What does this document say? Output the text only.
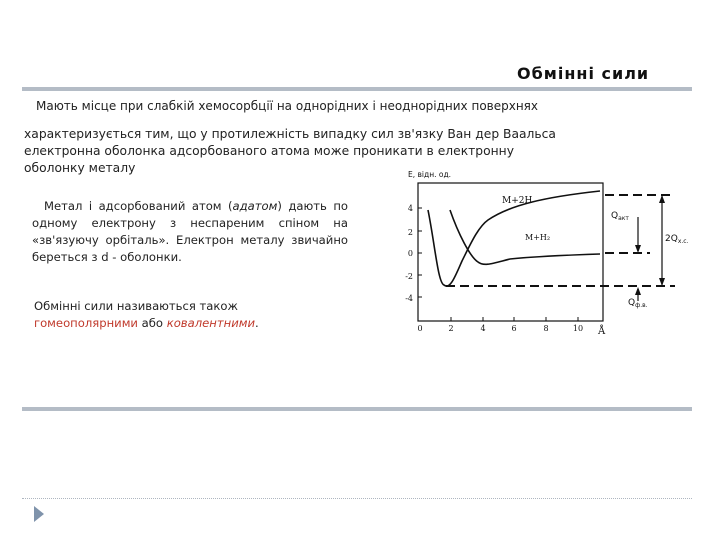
Обмінні сили
Мають місце при слабкій хемосорбції на однорідних і неоднорідних поверхнях
характеризується тим, що у протилежність випадку сил зв'язку Ван дер Ваальса електронна оболонка адсорбованого атома може проникати в електронну оболонку металу
Метал і адсорбований атом (адатом) дають по одному електрону з неспареним спіном на «зв'язуючу орбіталь». Електрон металу звичайно береться з d - оболонки.
Обмінні сили називаються також
гомеополярними або ковалентними.
E, відн. од.
4
2
0
-2
-4
0	2	4	6	8	10 Å
M+2H
M+H₂
$Q_{акт}$
$2Q_{х.с.}$
$Q_{ф.в.}$
